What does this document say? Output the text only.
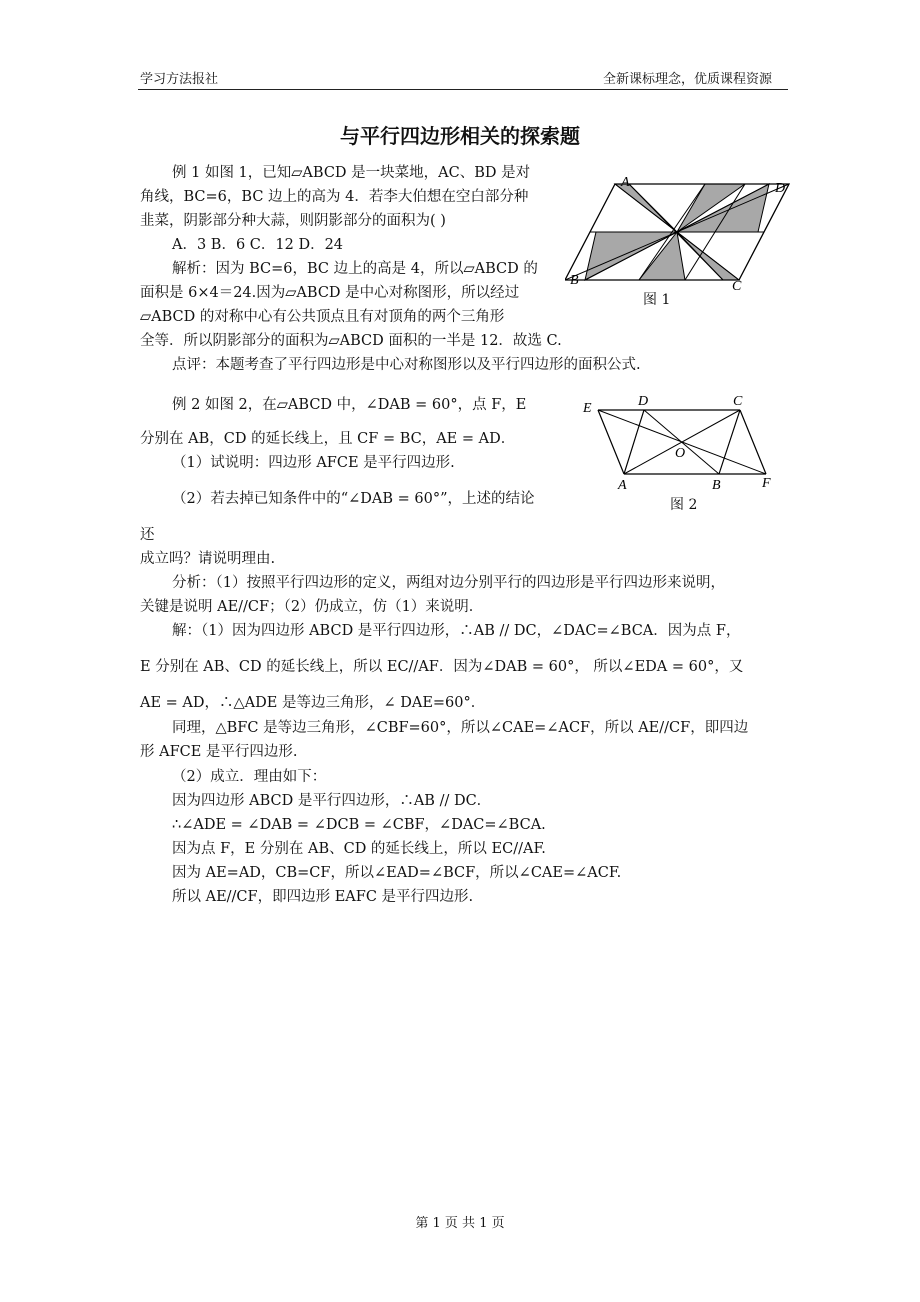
学习方法报社	全新课标理念，优质课程资源
与平行四边形相关的探索题
例 1 如图 1，已知▱ABCD 是一块菜地，AC、BD 是对
角线，BC=6，BC 边上的高为 4．若李大伯想在空白部分种
韭菜，阴影部分种大蒜，则阴影部分的面积为( )
A．3 B．6 C．12 D．24
解析：因为 BC=6，BC 边上的高是 4，所以▱ABCD 的
面积是 6×4＝24.因为▱ABCD 是中心对称图形，所以经过
▱ABCD 的对称中心有公共顶点且有对顶角的两个三角形
全等．所以阴影部分的面积为▱ABCD 面积的一半是 12．故选 C.
点评：本题考查了平行四边形是中心对称图形以及平行四边形的面积公式.
A	D
B	C
图 1
例 2 如图 2，在▱ABCD 中，∠DAB = 60°，点 F，E
分别在 AB，CD 的延长线上，且 CF = BC，AE = AD．
（1）试说明：四边形 AFCE 是平行四边形.
（2）若去掉已知条件中的“∠DAB = 60°”，上述的结论
还
成立吗？请说明理由.
分析：（1）按照平行四边形的定义，两组对边分别平行的四边形是平行四边形来说明，
关键是说明 AE//CF；（2）仍成立，仿（1）来说明．
解：（1）因为四边形 ABCD 是平行四边形，∴AB // DC，∠DAC=∠BCA．因为点 F，
E 分别在 AB、CD 的延长线上，所以 EC//AF．因为∠DAB = 60°， 所以∠EDA = 60°，又
AE = AD，∴△ADE 是等边三角形，∠ DAE=60°．
同理，△BFC 是等边三角形，∠CBF=60°，所以∠CAE=∠ACF，所以 AE//CF，即四边
形 AFCE 是平行四边形.
（2）成立．理由如下：
因为四边形 ABCD 是平行四边形，∴AB // DC．
∴∠ADE = ∠DAB = ∠DCB = ∠CBF，∠DAC=∠BCA.
因为点 F，E 分别在 AB、CD 的延长线上，所以 EC//AF.
因为 AE=AD，CB=CF，所以∠EAD=∠BCF，所以∠CAE=∠ACF.
所以 AE//CF，即四边形 EAFC 是平行四边形.
E	D	C
O
A	B	F
图 2
第 1 页 共 1 页
